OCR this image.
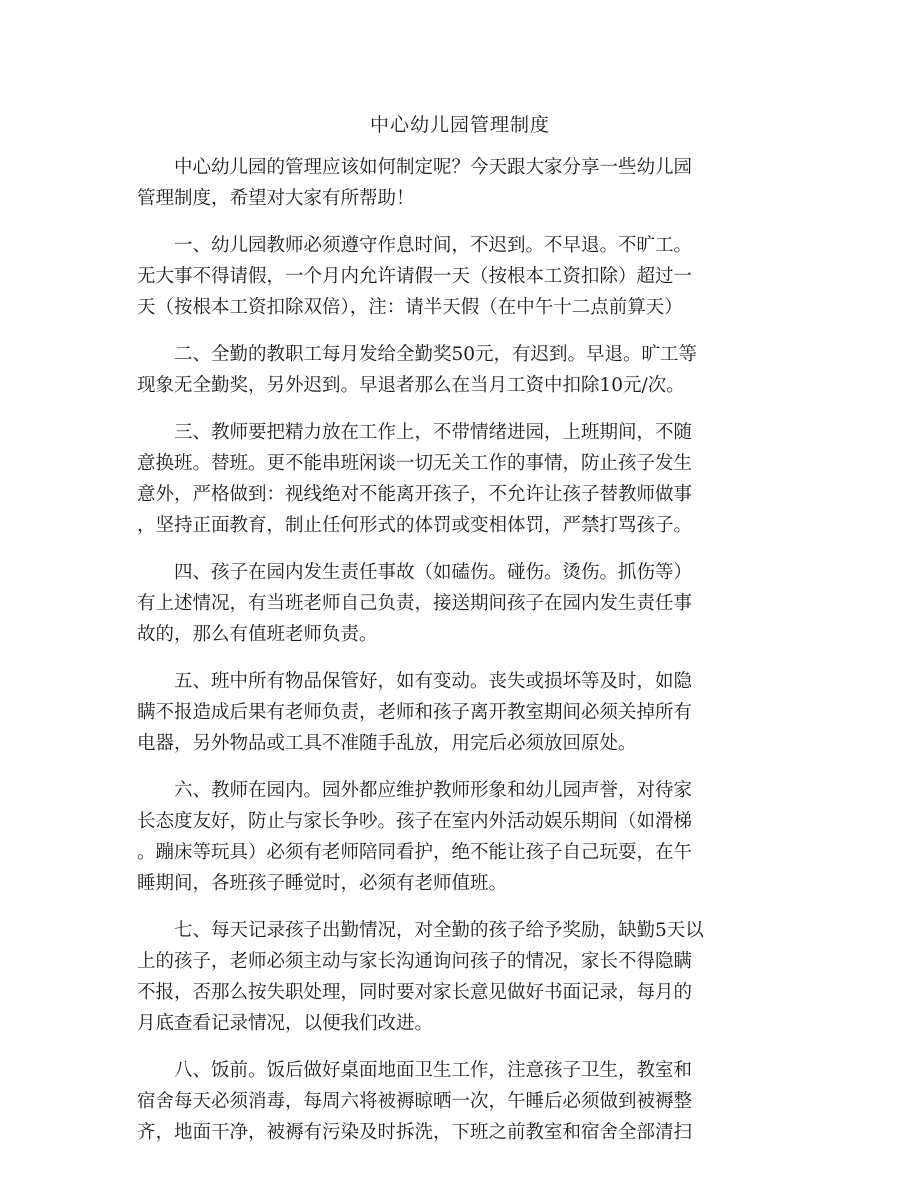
中心幼儿园管理制度

中心幼儿园的管理应该如何制定呢？今天跟大家分享一些幼儿园
管理制度，希望对大家有所帮助！

一、幼儿园教师必须遵守作息时间，不迟到。不早退。不旷工。
无大事不得请假，一个月内允许请假一天（按根本工资扣除）超过一
天（按根本工资扣除双倍），注：请半天假（在中午十二点前算天）

二、全勤的教职工每月发给全勤奖50元，有迟到。早退。旷工等
现象无全勤奖，另外迟到。早退者那么在当月工资中扣除10元/次。

三、教师要把精力放在工作上，不带情绪进园，上班期间，不随
意换班。替班。更不能串班闲谈一切无关工作的事情，防止孩子发生
意外，严格做到：视线绝对不能离开孩子，不允许让孩子替教师做事
，坚持正面教育，制止任何形式的体罚或变相体罚，严禁打骂孩子。

四、孩子在园内发生责任事故（如磕伤。碰伤。烫伤。抓伤等）
有上述情况，有当班老师自己负责，接送期间孩子在园内发生责任事
故的，那么有值班老师负责。

五、班中所有物品保管好，如有变动。丧失或损坏等及时，如隐
瞒不报造成后果有老师负责，老师和孩子离开教室期间必须关掉所有
电器，另外物品或工具不准随手乱放，用完后必须放回原处。

六、教师在园内。园外都应维护教师形象和幼儿园声誉，对待家
长态度友好，防止与家长争吵。孩子在室内外活动娱乐期间（如滑梯
。蹦床等玩具）必须有老师陪同看护，绝不能让孩子自己玩耍，在午
睡期间，各班孩子睡觉时，必须有老师值班。

七、每天记录孩子出勤情况，对全勤的孩子给予奖励，缺勤5天以
上的孩子，老师必须主动与家长沟通询问孩子的情况，家长不得隐瞒
不报，否那么按失职处理，同时要对家长意见做好书面记录，每月的
月底查看记录情况，以便我们改进。

八、饭前。饭后做好桌面地面卫生工作，注意孩子卫生，教室和
宿舍每天必须消毒，每周六将被褥晾晒一次，午睡后必须做到被褥整
齐，地面干净，被褥有污染及时拆洗，下班之前教室和宿舍全部清扫
